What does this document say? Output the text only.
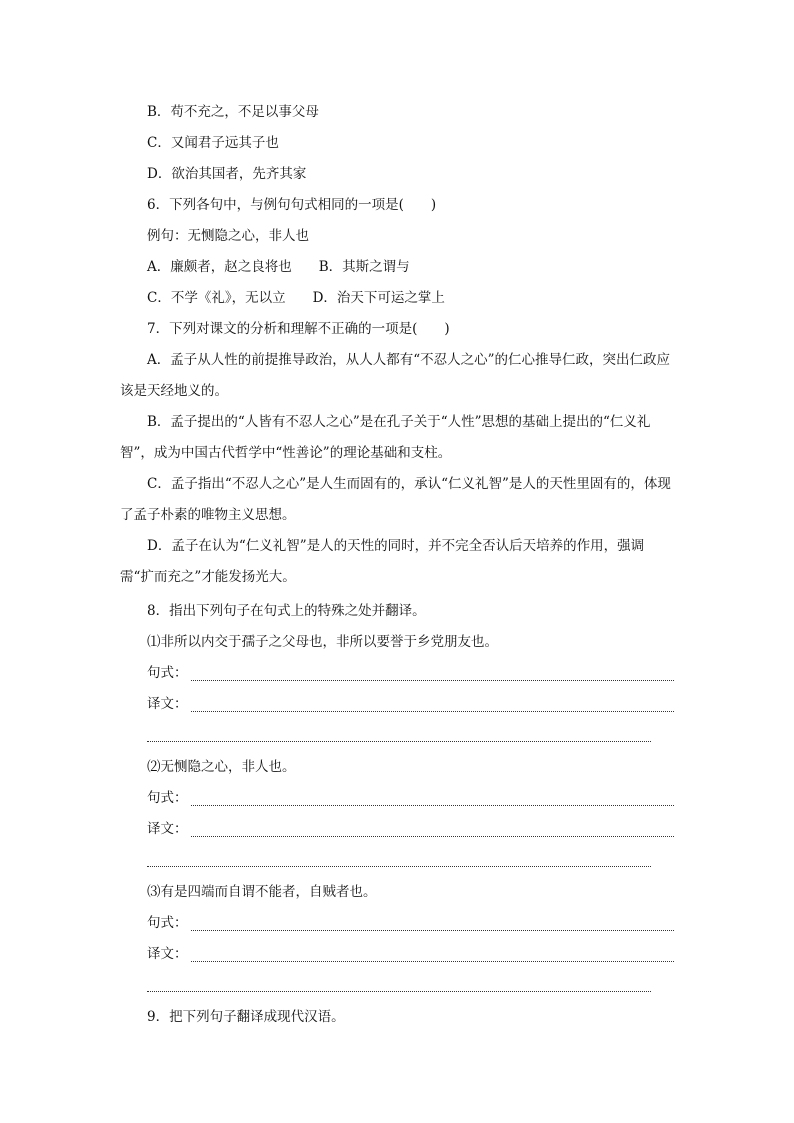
B．苟不充之，不足以事父母
C．又闻君子远其子也
D．欲治其国者，先齐其家
6．下列各句中，与例句句式相同的一项是(　　)
例句：无恻隐之心，非人也
A．廉颇者，赵之良将也　　B．其斯之谓与
C．不学《礼》，无以立　　D．治天下可运之掌上
7．下列对课文的分析和理解不正确的一项是(　　)
A．孟子从人性的前提推导政治，从人人都有“不忍人之心”的仁心推导仁政，突出仁政应该是天经地义的。
B．孟子提出的“人皆有不忍人之心”是在孔子关于“人性”思想的基础上提出的“仁义礼智”，成为中国古代哲学中“性善论”的理论基础和支柱。
C．孟子指出“不忍人之心”是人生而固有的，承认“仁义礼智”是人的天性里固有的，体现了孟子朴素的唯物主义思想。
D．孟子在认为“仁义礼智”是人的天性的同时，并不完全否认后天培养的作用，强调需“扩而充之”才能发扬光大。
8．指出下列句子在句式上的特殊之处并翻译。
⑴非所以内交于孺子之父母也，非所以要誉于乡党朋友也。
句式：
译文：
⑵无恻隐之心，非人也。
句式：
译文：
⑶有是四端而自谓不能者，自贼者也。
句式：
译文：
9．把下列句子翻译成现代汉语。
